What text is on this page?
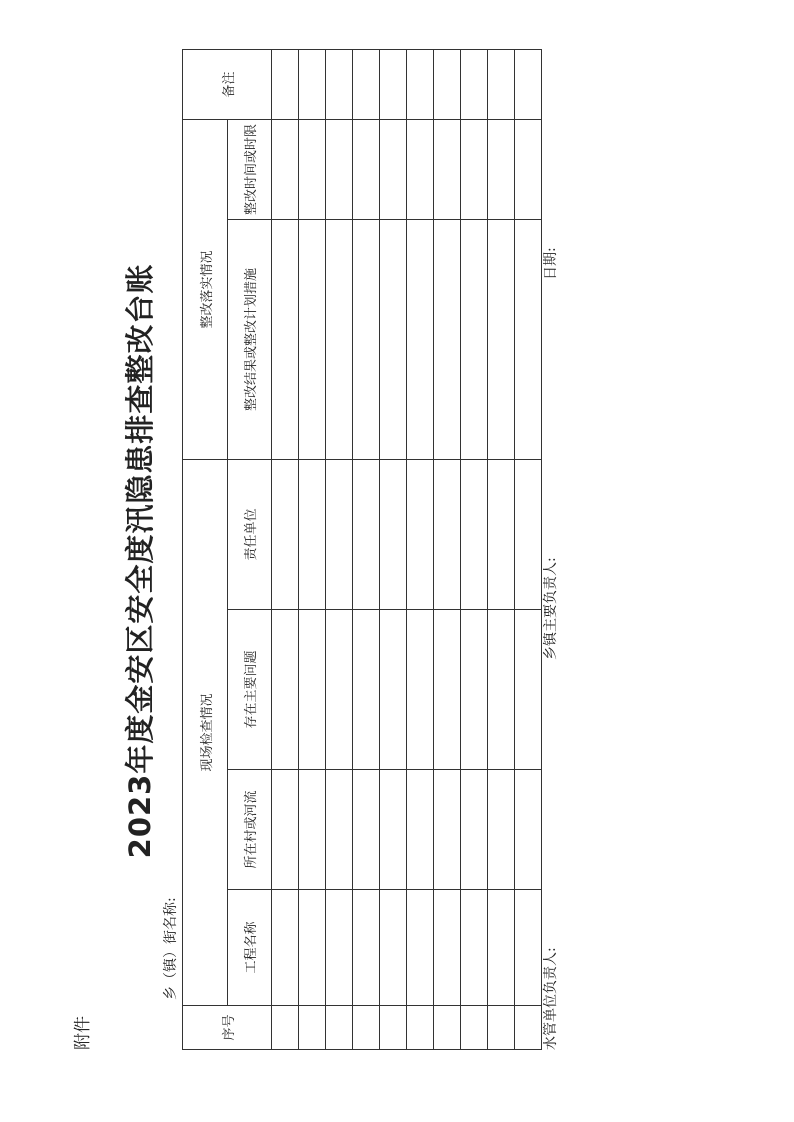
附件
2023年度金安区安全度汛隐患排查整改台账
乡（镇）街名称:
序号	现场检查情况				整改落实情况		备注
	工程名称	所在村或河流	存在主要问题	责任单位	整改结果或整改计划措施	整改时间或时限	

水管单位负责人:
乡镇主要负责人:
日期:
